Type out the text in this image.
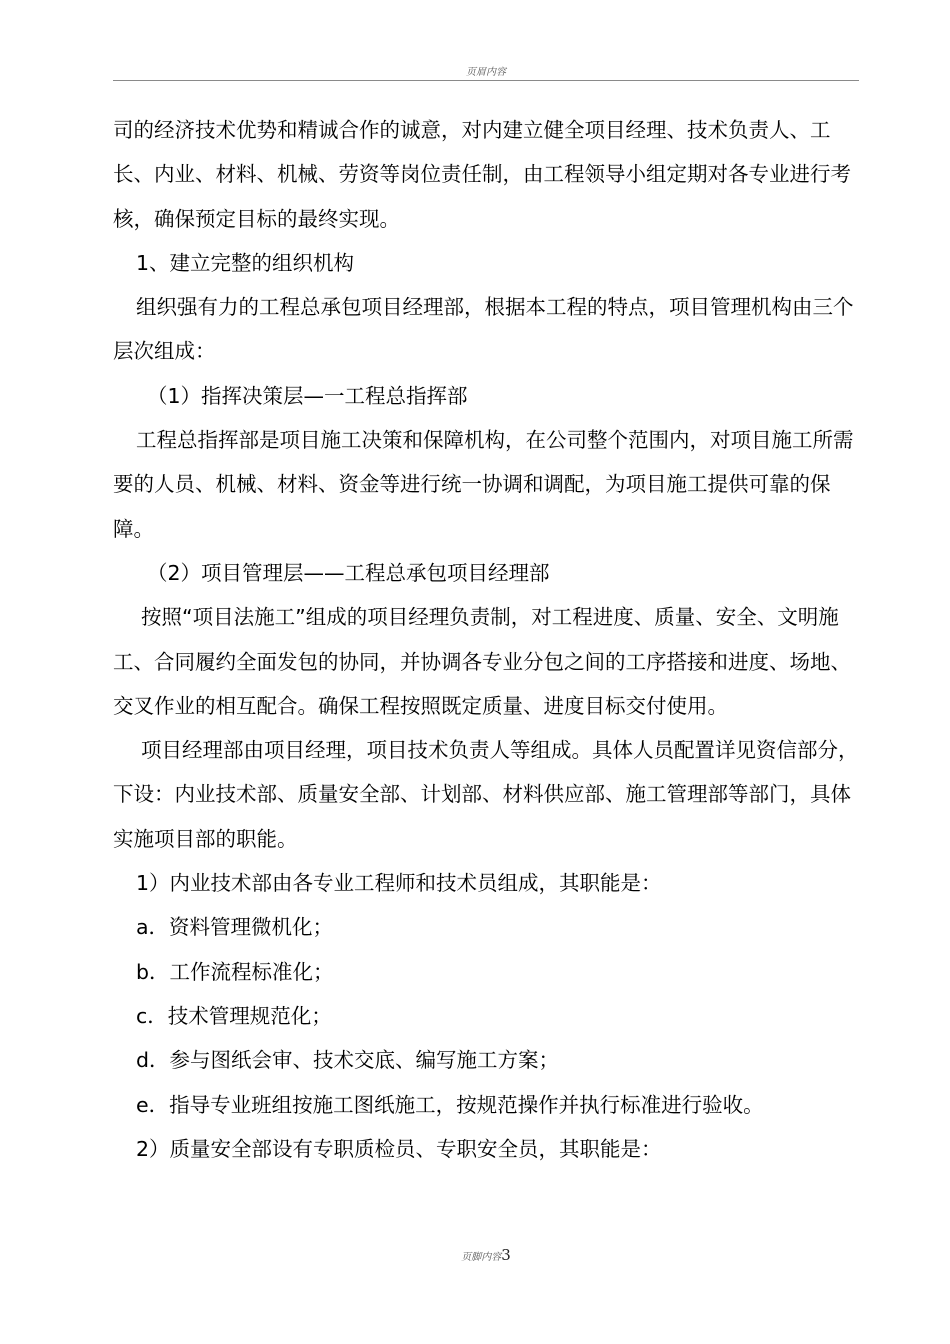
页眉内容

司的经济技术优势和精诚合作的诚意，对内建立健全项目经理、技术负责人、工长、内业、材料、机械、劳资等岗位责任制，由工程领导小组定期对各专业进行考核，确保预定目标的最终实现。

1、建立完整的组织机构

组织强有力的工程总承包项目经理部，根据本工程的特点，项目管理机构由三个层次组成：

（1）指挥决策层—一工程总指挥部

工程总指挥部是项目施工决策和保障机构，在公司整个范围内，对项目施工所需要的人员、机械、材料、资金等进行统一协调和调配，为项目施工提供可靠的保障。

（2）项目管理层——工程总承包项目经理部

按照“项目法施工”组成的项目经理负责制，对工程进度、质量、安全、文明施工、合同履约全面发包的协同，并协调各专业分包之间的工序搭接和进度、场地、交叉作业的相互配合。确保工程按照既定质量、进度目标交付使用。

项目经理部由项目经理，项目技术负责人等组成。具体人员配置详见资信部分，下设：内业技术部、质量安全部、计划部、材料供应部、施工管理部等部门，具体实施项目部的职能。

1）内业技术部由各专业工程师和技术员组成，其职能是：

a．资料管理微机化；

b．工作流程标准化；

c．技术管理规范化；

d．参与图纸会审、技术交底、编写施工方案；

e．指导专业班组按施工图纸施工，按规范操作并执行标准进行验收。

2）质量安全部设有专职质检员、专职安全员，其职能是：

页脚内容3
